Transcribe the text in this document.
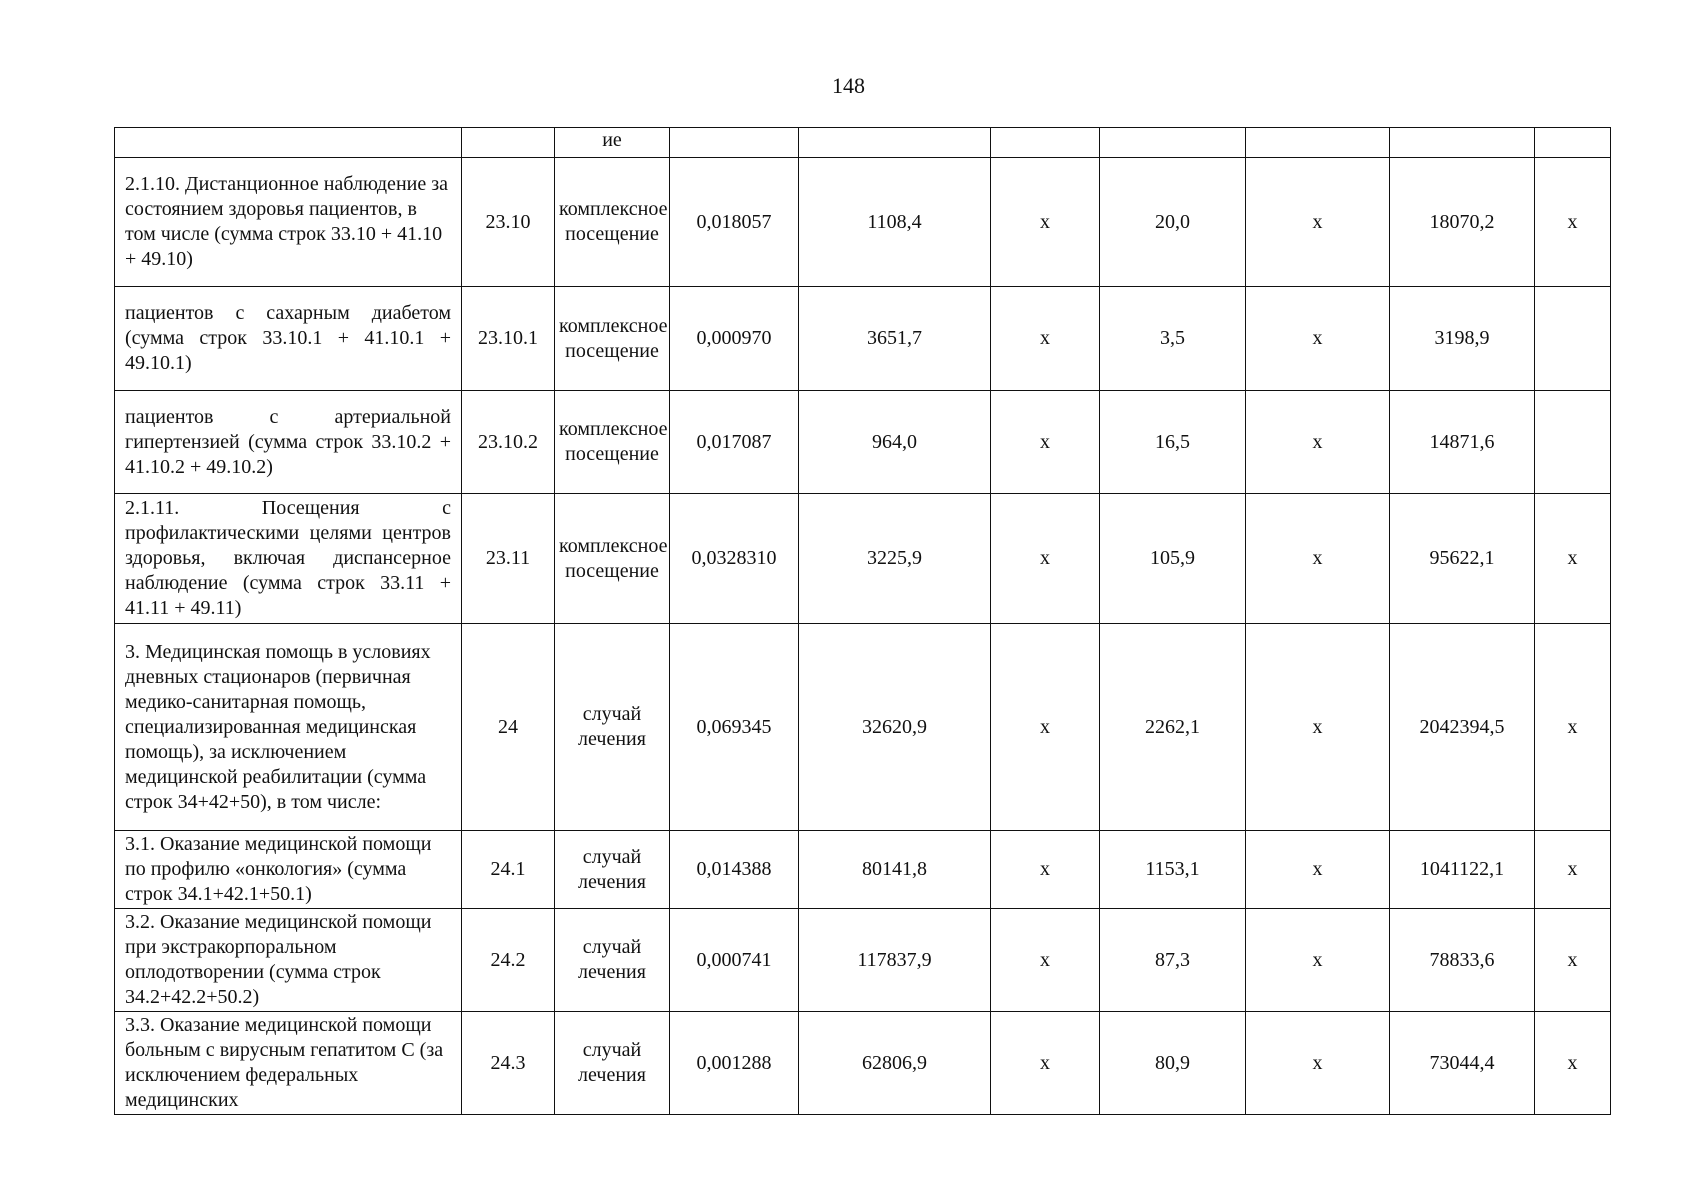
148
		ие							
2.1.10. Дистанционное наблюдение за состоянием здоровья пациентов, в том числе (сумма строк 33.10 + 41.10 + 49.10)	23.10	комплексное посещение	0,018057	1108,4	х	20,0	х	18070,2	х
пациентов с сахарным диабетом (сумма строк 33.10.1 + 41.10.1 + 49.10.1)	23.10.1	комплексное посещение	0,000970	3651,7	х	3,5	х	3198,9	
пациентов с артериальной гипертензией (сумма строк 33.10.2 + 41.10.2 + 49.10.2)	23.10.2	комплексное посещение	0,017087	964,0	х	16,5	х	14871,6	
2.1.11. Посещения с профилактическими целями центров здоровья, включая диспансерное наблюдение (сумма строк 33.11 + 41.11 + 49.11)	23.11	комплексное посещение	0,0328310	3225,9	х	105,9	х	95622,1	х
3. Медицинская помощь в условиях дневных стационаров (первичная медико-санитарная помощь, специализированная медицинская помощь), за исключением медицинской реабилитации (сумма строк 34+42+50), в том числе:	24	случай лечения	0,069345	32620,9	х	2262,1	х	2042394,5	х
3.1. Оказание медицинской помощи по профилю «онкология» (сумма строк 34.1+42.1+50.1)	24.1	случай лечения	0,014388	80141,8	х	1153,1	х	1041122,1	х
3.2. Оказание медицинской помощи при экстракорпоральном оплодотворении (сумма строк 34.2+42.2+50.2)	24.2	случай лечения	0,000741	117837,9	х	87,3	х	78833,6	х
3.3. Оказание медицинской помощи больным с вирусным гепатитом С (за исключением федеральных медицинских	24.3	случай лечения	0,001288	62806,9	х	80,9	х	73044,4	х
